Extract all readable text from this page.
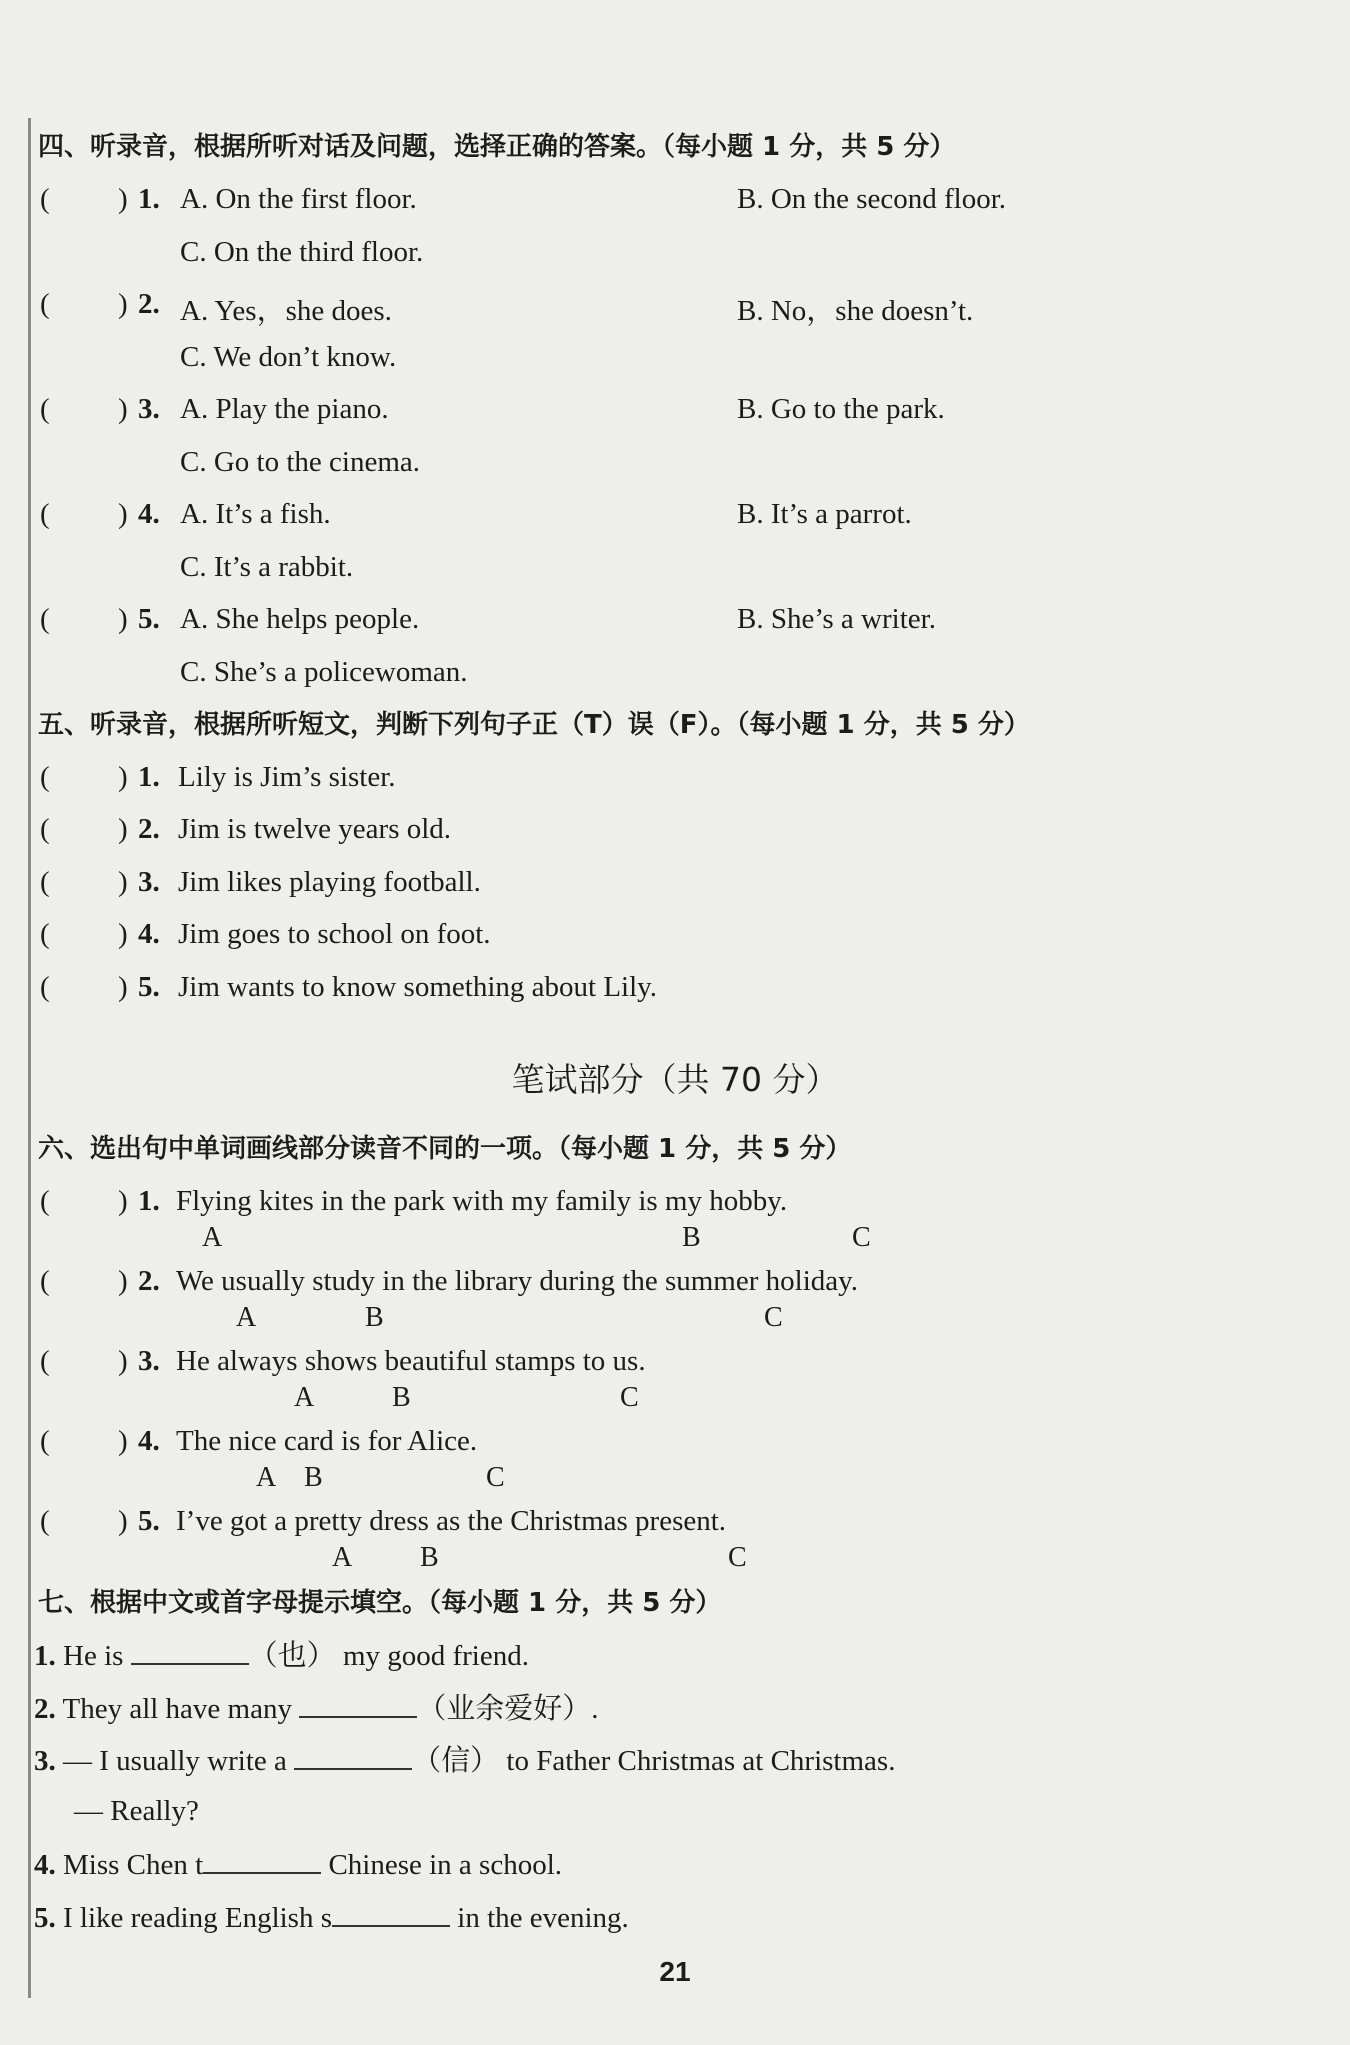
四、听录音，根据所听对话及问题，选择正确的答案。（每小题 1 分，共 5 分）
( ) 1. A. On the first floor.	B. On the second floor.
C. On the third floor.
( ) 2. A. Yes，she does.	B. No，she doesn’t.
C. We don’t know.
( ) 3. A. Play the piano.	B. Go to the park.
C. Go to the cinema.
( ) 4. A. It’s a fish.	B. It’s a parrot.
C. It’s a rabbit.
( ) 5. A. She helps people.	B. She’s a writer.
C. She’s a policewoman.
五、听录音，根据所听短文，判断下列句子正（T）误（F）。（每小题 1 分，共 5 分）
( ) 1. Lily is Jim’s sister.
( ) 2. Jim is twelve years old.
( ) 3. Jim likes playing football.
( ) 4. Jim goes to school on foot.
( ) 5. Jim wants to know something about Lily.
笔试部分（共 70 分）
六、选出句中单词画线部分读音不同的一项。（每小题 1 分，共 5 分）
( ) 1. Flying kites in the park with my family is my hobby.
A	B	C
( ) 2. We usually study in the library during the summer holiday.
A	B	C
( ) 3. He always shows beautiful stamps to us.
A	B	C
( ) 4. The nice card is for Alice.
A B	C
( ) 5. I’ve got a pretty dress as the Christmas present.
A B	C
七、根据中文或首字母提示填空。（每小题 1 分，共 5 分）
1. He is	（也） my good friend.
2. They all have many	（业余爱好）.
3. — I usually write a	（信） to Father Christmas at Christmas.
— Really?
4. Miss Chen t	Chinese in a school.
5. I like reading English s	in the evening.
21
